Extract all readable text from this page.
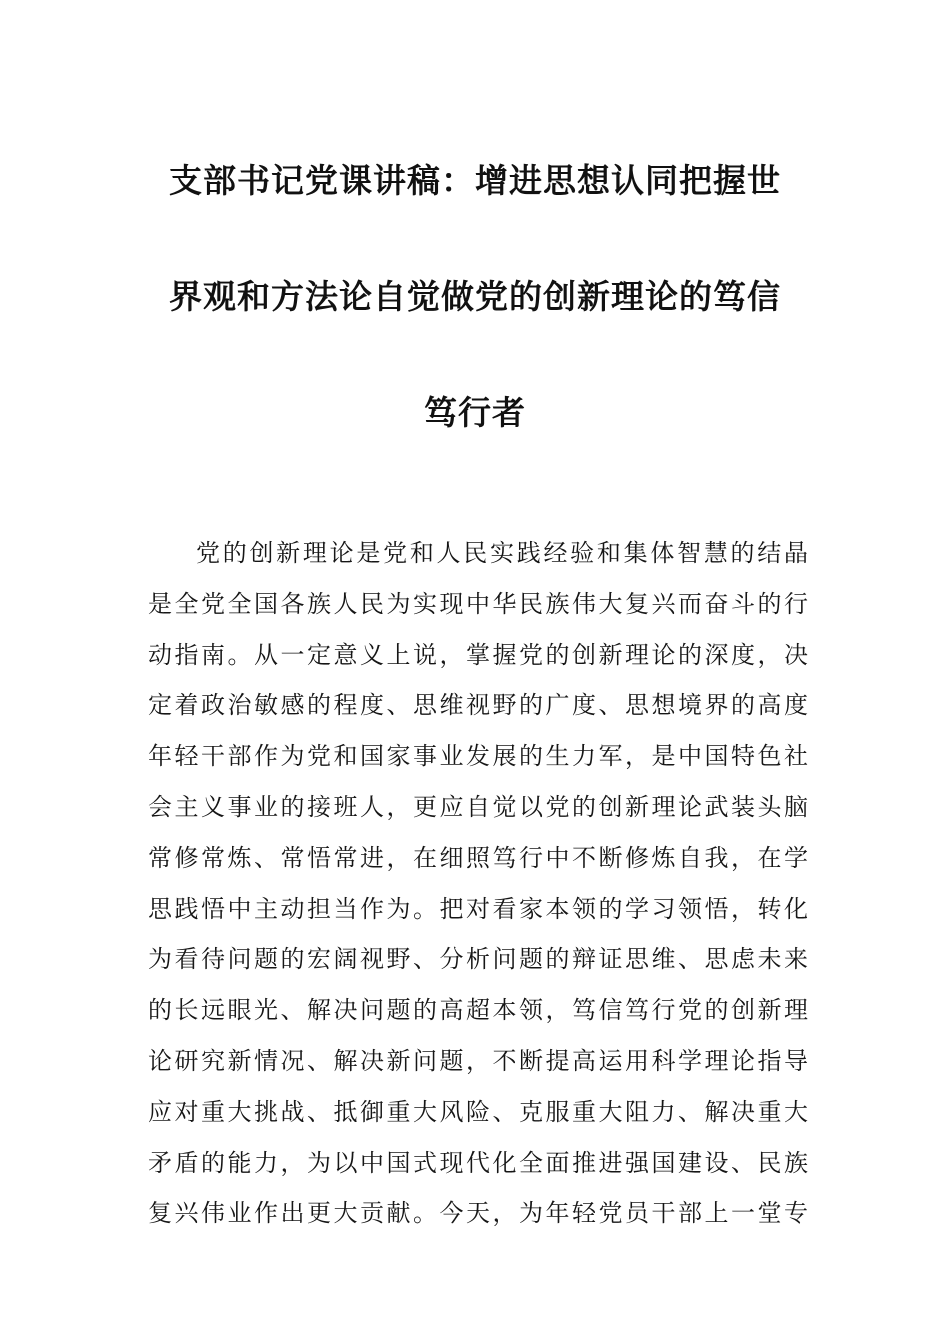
支部书记党课讲稿：增进思想认同把握世
界观和方法论自觉做党的创新理论的笃信
笃行者
党的创新理论是党和人民实践经验和集体智慧的结晶
是全党全国各族人民为实现中华民族伟大复兴而奋斗的行
动指南。从一定意义上说，掌握党的创新理论的深度，决
定着政治敏感的程度、思维视野的广度、思想境界的高度
年轻干部作为党和国家事业发展的生力军，是中国特色社
会主义事业的接班人，更应自觉以党的创新理论武装头脑
常修常炼、常悟常进，在细照笃行中不断修炼自我，在学
思践悟中主动担当作为。把对看家本领的学习领悟，转化
为看待问题的宏阔视野、分析问题的辩证思维、思虑未来
的长远眼光、解决问题的高超本领，笃信笃行党的创新理
论研究新情况、解决新问题，不断提高运用科学理论指导
应对重大挑战、抵御重大风险、克服重大阻力、解决重大
矛盾的能力，为以中国式现代化全面推进强国建设、民族
复兴伟业作出更大贡献。今天，为年轻党员干部上一堂专
